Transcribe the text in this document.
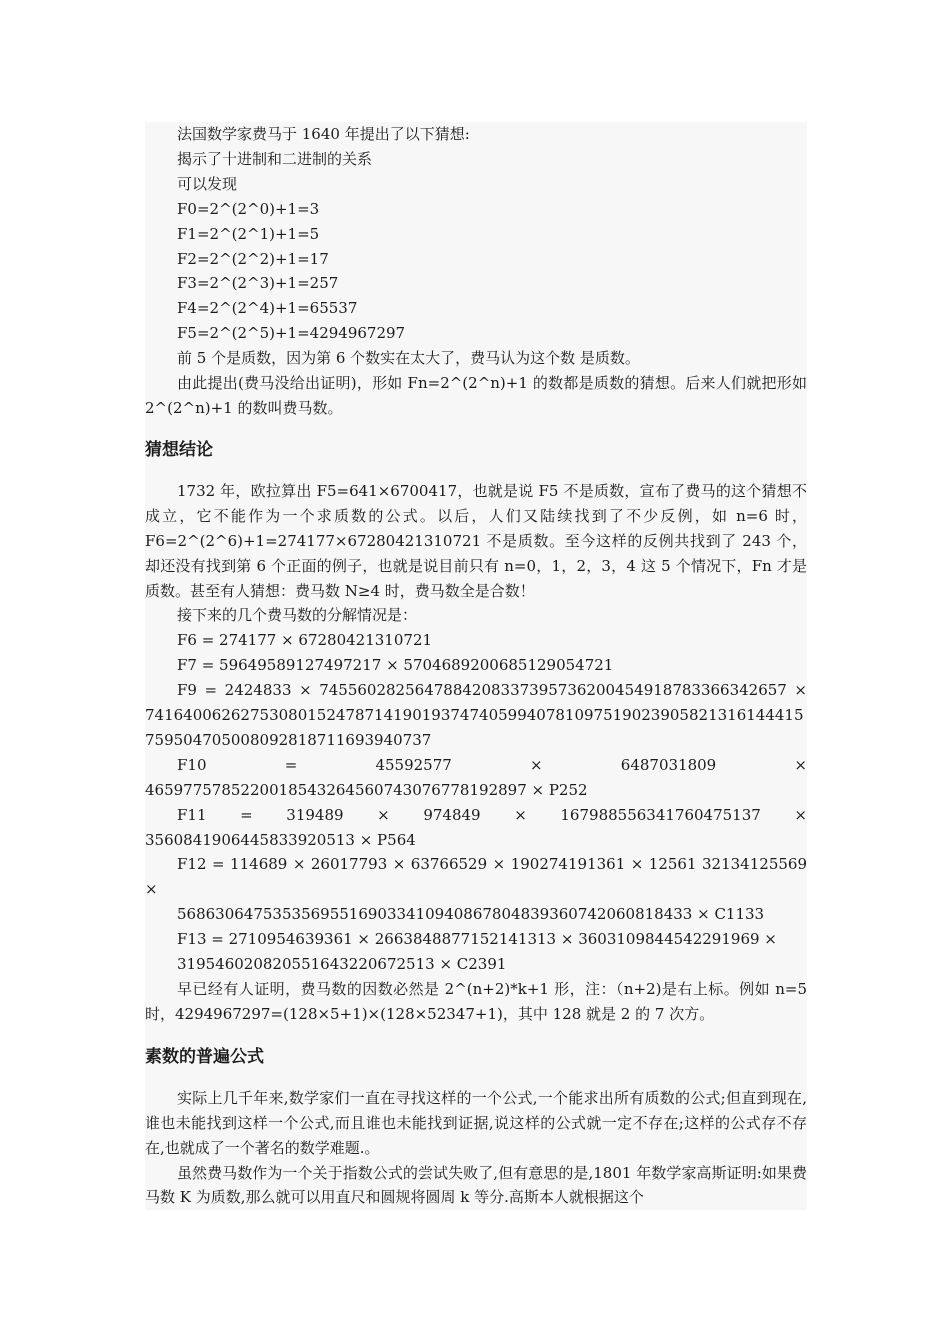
法国数学家费马于 1640 年提出了以下猜想:

揭示了十进制和二进制的关系

可以发现

F0=2^(2^0)+1=3

F1=2^(2^1)+1=5

F2=2^(2^2)+1=17

F3=2^(2^3)+1=257

F4=2^(2^4)+1=65537

F5=2^(2^5)+1=4294967297

前 5 个是质数，因为第 6 个数实在太大了，费马认为这个数 是质数。

由此提出(费马没给出证明)，形如 Fn=2^(2^n)+1 的数都是质数的猜想。后来人们就把形如 2^(2^n)+1 的数叫费马数。

猜想结论

1732 年，欧拉算出 F5=641×6700417，也就是说 F5 不是质数，宣布了费马的这个猜想不成立，它不能作为一个求质数的公式。以后，人们又陆续找到了不少反例，如 n=6 时，F6=2^(2^6)+1=274177×67280421310721 不是质数。至今这样的反例共找到了 243 个，却还没有找到第 6 个正面的例子，也就是说目前只有 n=0，1，2，3，4 这 5 个情况下，Fn 才是质数。甚至有人猜想：费马数 N≥4 时，费马数全是合数！

接下来的几个费马数的分解情况是：

F6 = 274177 × 67280421310721

F7 = 59649589127497217 × 5704689200685129054721

F9 = 2424833 × 7455602825647884208337395736200454918783366342657 × 741640062627530801524787141901937474059940781097519023905821316144415759504705008092818711693940737

F10 = 45592577 × 6487031809 × 4659775785220018543264560743076778192897 × P252

F11 = 319489 × 974849 × 167988556341760475137 × 3560841906445833920513 × P564

F12 = 114689 × 26017793 × 63766529 × 190274191361 × 12561 32134125569 ×

568630647535356955169033410940867804839360742060818433 × C1133

F13 = 2710954639361 × 2663848877152141313 × 3603109844542291969 ×

319546020820551643220672513 × C2391

早已经有人证明，费马数的因数必然是 2^(n+2)*k+1 形，注：（n+2)是右上标。例如 n=5 时，4294967297=(128×5+1)×(128×52347+1)，其中 128 就是 2 的 7 次方。

素数的普遍公式

实际上几千年来,数学家们一直在寻找这样的一个公式,一个能求出所有质数的公式;但直到现在,谁也未能找到这样一个公式,而且谁也未能找到证据,说这样的公式就一定不存在;这样的公式存不存在,也就成了一个著名的数学难题.。

虽然费马数作为一个关于指数公式的尝试失败了,但有意思的是,1801 年数学家高斯证明:如果费马数 K 为质数,那么就可以用直尺和圆规将圆周 k 等分.高斯本人就根据这个
